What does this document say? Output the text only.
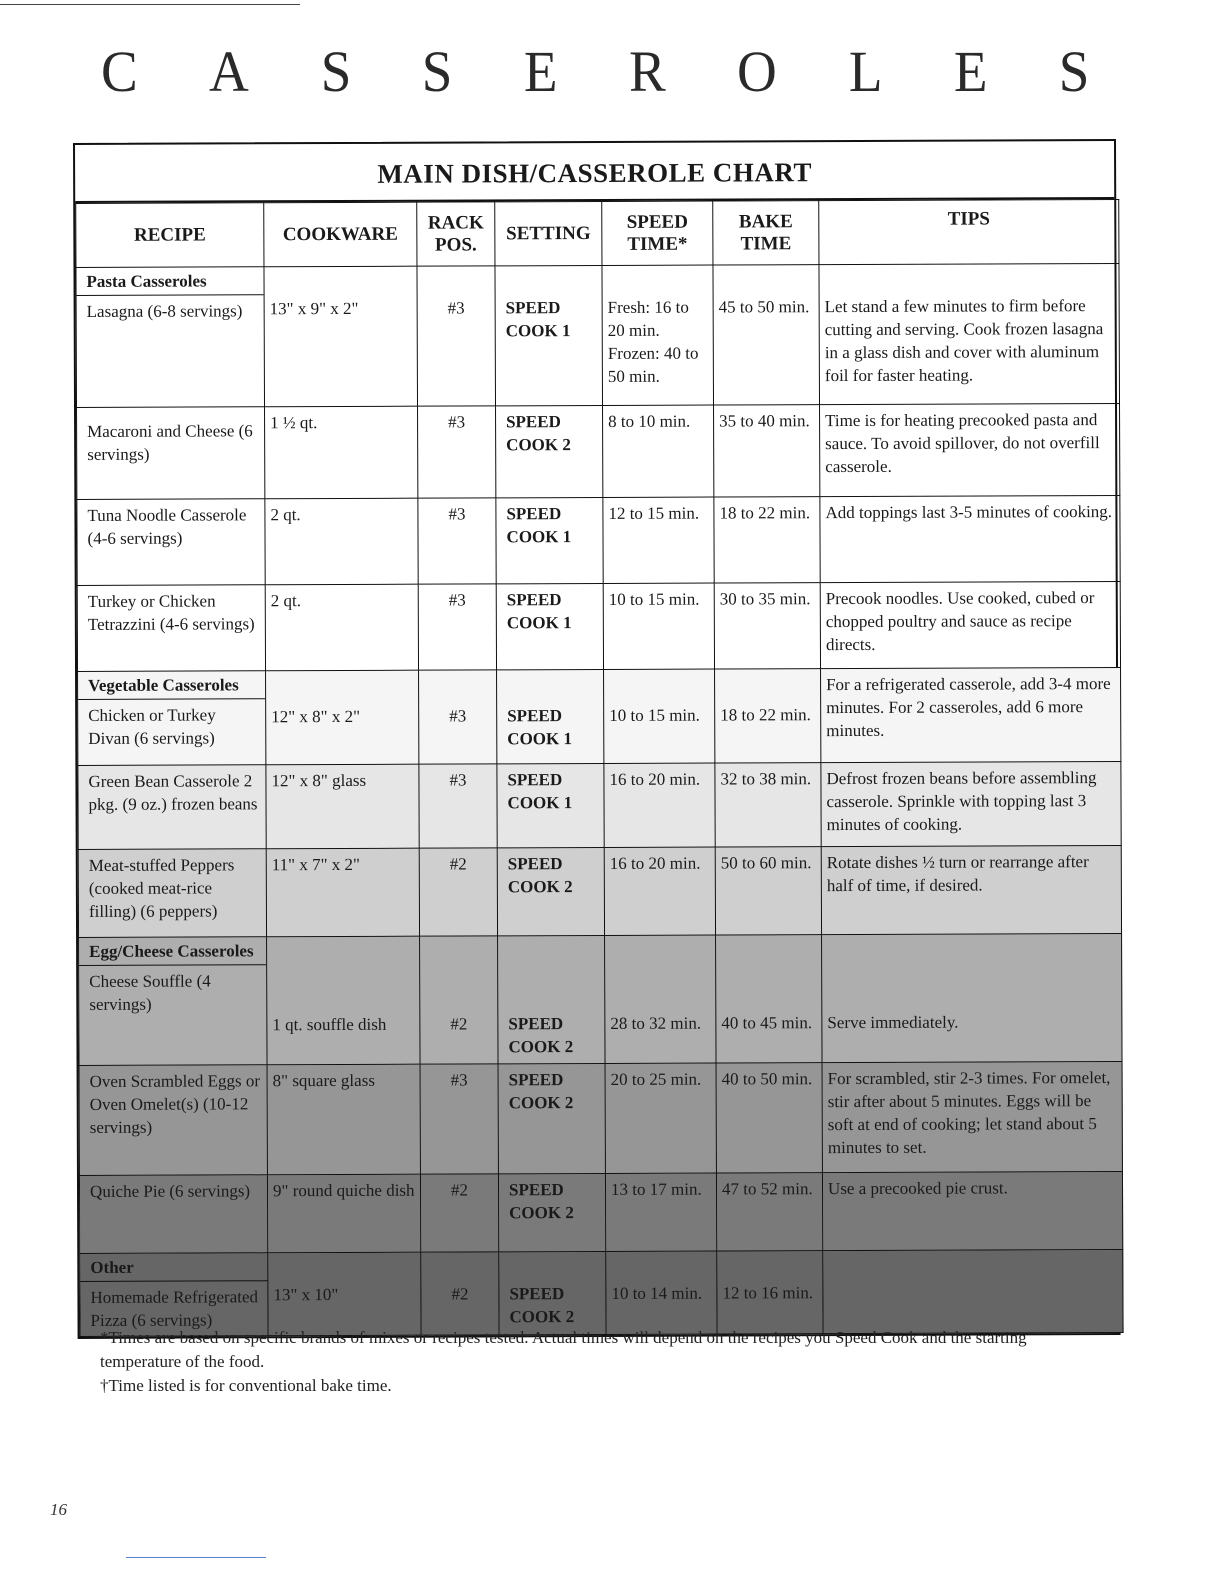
C A S S E R O L E S
MAIN DISH/CASSEROLE CHART
RECIPE	COOKWARE	RACK POS.	SETTING	SPEED TIME*	BAKE TIME	TIPS

Pasta Casseroles
Lasagna (6-8 servings)	13" x 9" x 2"	#3	SPEED COOK 1	Fresh: 16 to 20 min. Frozen: 40 to 50 min.	45 to 50 min.	Let stand a few minutes to firm before cutting and serving. Cook frozen lasagna in a glass dish and cover with aluminum foil for faster heating.
Macaroni and Cheese (6 servings)	1 ½ qt.	#3	SPEED COOK 2	8 to 10 min.	35 to 40 min.	Time is for heating precooked pasta and sauce. To avoid spillover, do not overfill casserole.
Tuna Noodle Casserole (4-6 servings)	2 qt.	#3	SPEED COOK 1	12 to 15 min.	18 to 22 min.	Add toppings last 3-5 minutes of cooking.
Turkey or Chicken Tetrazzini (4-6 servings)	2 qt.	#3	SPEED COOK 1	10 to 15 min.	30 to 35 min.	Precook noodles. Use cooked, cubed or chopped poultry and sauce as recipe directs.

Vegetable Casseroles
Chicken or Turkey Divan (6 servings)	12" x 8" x 2"	#3	SPEED COOK 1	10 to 15 min.	18 to 22 min.	For a refrigerated casserole, add 3-4 more minutes. For 2 casseroles, add 6 more minutes.
Green Bean Casserole 2 pkg. (9 oz.) frozen beans	12" x 8" glass	#3	SPEED COOK 1	16 to 20 min.	32 to 38 min.	Defrost frozen beans before assembling casserole. Sprinkle with topping last 3 minutes of cooking.
Meat-stuffed Peppers (cooked meat-rice filling) (6 peppers)	11" x 7" x 2"	#2	SPEED COOK 2	16 to 20 min.	50 to 60 min.	Rotate dishes ½ turn or rearrange after half of time, if desired.

Egg/Cheese Casseroles
Cheese Souffle (4 servings)	1 qt. souffle dish	#2	SPEED COOK 2	28 to 32 min.	40 to 45 min.	Serve immediately.
Oven Scrambled Eggs or Oven Omelet(s) (10-12 servings)	8" square glass	#3	SPEED COOK 2	20 to 25 min.	40 to 50 min.	For scrambled, stir 2-3 times. For omelet, stir after about 5 minutes. Eggs will be soft at end of cooking; let stand about 5 minutes to set.
Quiche Pie (6 servings)	9" round quiche dish	#2	SPEED COOK 2	13 to 17 min.	47 to 52 min.	Use a precooked pie crust.

Other
Homemade Refrigerated Pizza (6 servings)	13" x 10"	#2	SPEED COOK 2	10 to 14 min.	12 to 16 min.	
*Times are based on specific brands of mixes or recipes tested. Actual times will depend on the recipes you Speed Cook and the starting temperature of the food.
†Time listed is for conventional bake time.
16
